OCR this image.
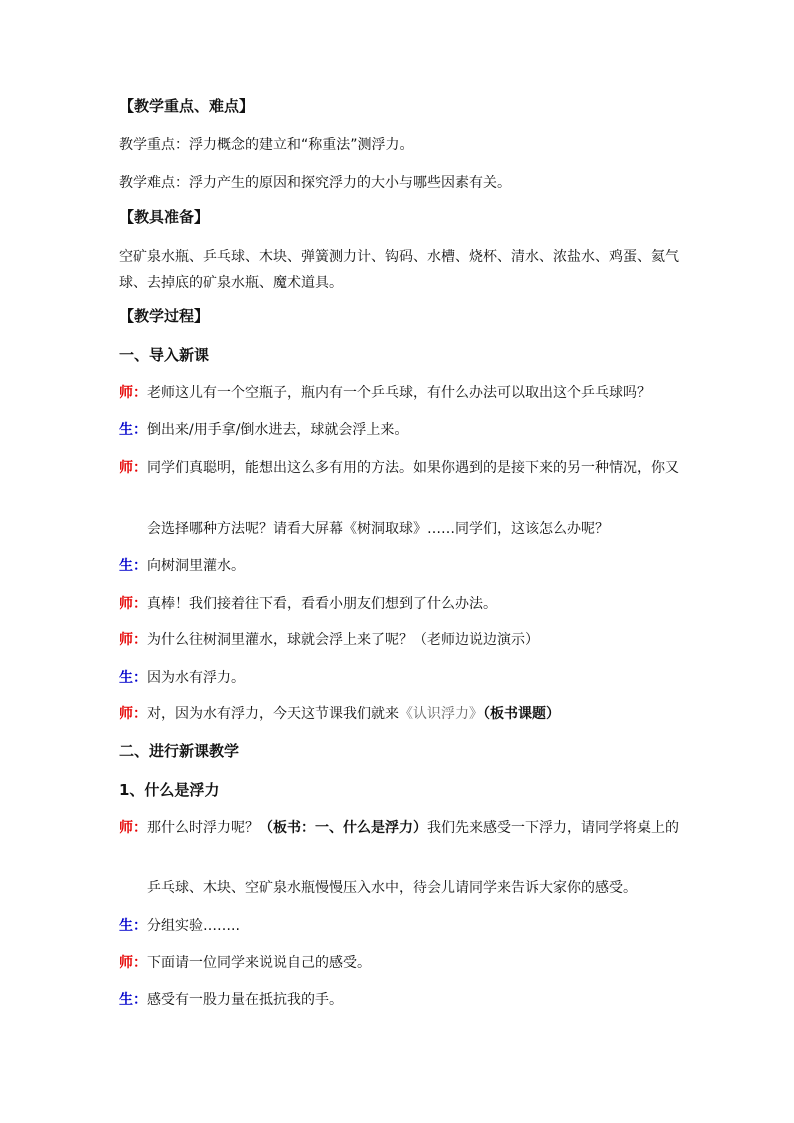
【教学重点、难点】
教学重点：浮力概念的建立和“称重法”测浮力。
教学难点：浮力产生的原因和探究浮力的大小与哪些因素有关。
【教具准备】
空矿泉水瓶、乒乓球、木块、弹簧测力计、钩码、水槽、烧杯、清水、浓盐水、鸡蛋、氦气球、去掉底的矿泉水瓶、魔术道具。
【教学过程】
一、导入新课
师：老师这儿有一个空瓶子，瓶内有一个乒乓球，有什么办法可以取出这个乒乓球吗？
生：倒出来/用手拿/倒水进去，球就会浮上来。
师：同学们真聪明，能想出这么多有用的方法。如果你遇到的是接下来的另一种情况，你又
会选择哪种方法呢？请看大屏幕《树洞取球》……同学们，这该怎么办呢？
生：向树洞里灌水。
师：真棒！我们接着往下看，看看小朋友们想到了什么办法。
师：为什么往树洞里灌水，球就会浮上来了呢？（老师边说边演示）
生：因为水有浮力。
师：对，因为水有浮力，今天这节课我们就来《认识浮力》（板书课题）
二、进行新课教学
1、什么是浮力
师：那什么时浮力呢？（板书：一、什么是浮力）我们先来感受一下浮力，请同学将桌上的
乒乓球、木块、空矿泉水瓶慢慢压入水中，待会儿请同学来告诉大家你的感受。
生：分组实验……..
师：下面请一位同学来说说自己的感受。
生：感受有一股力量在抵抗我的手。
